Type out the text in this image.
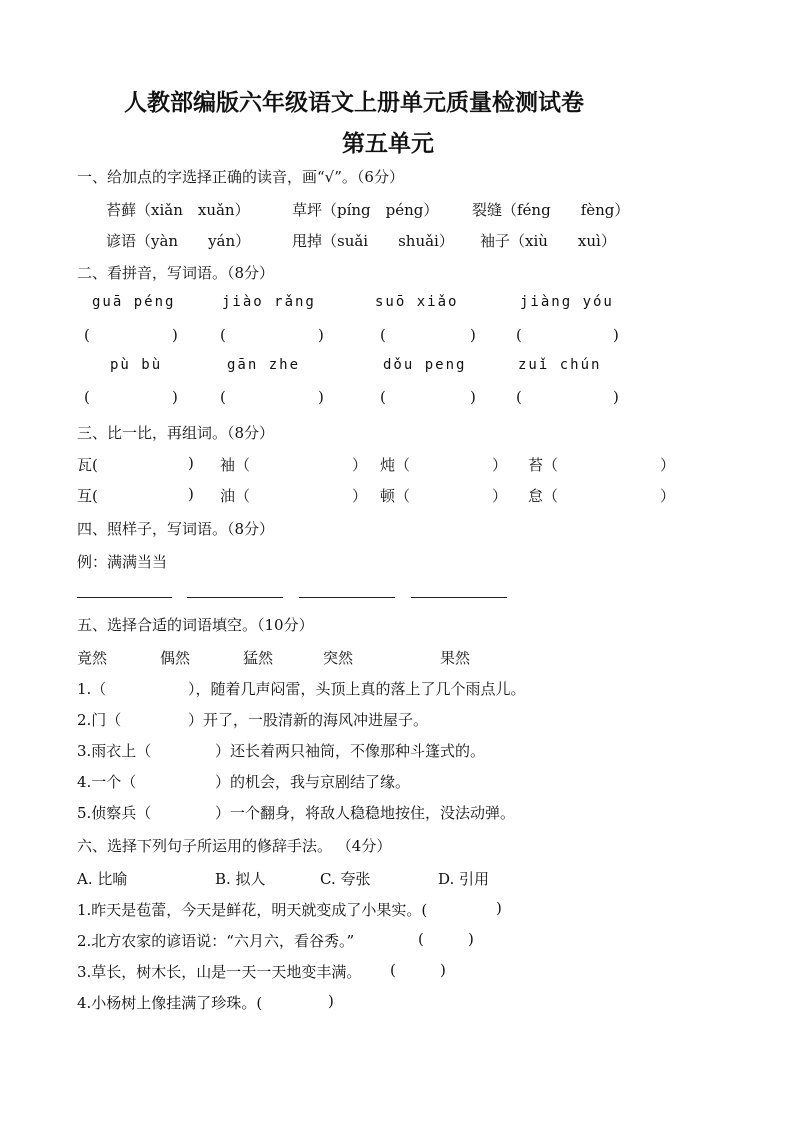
人教部编版六年级语文上册单元质量检测试卷
第五单元
一、给加点的字选择正确的读音，画“√”。（6分）
苔藓（xiǎn　xuǎn）	草坪（píng　péng） 裂缝（féng　　fèng）
谚语（yàn　　yán）	甩掉（suǎi　　shuǎi） 袖子（xiù　　xuì）
二、看拼音，写词语。（8分）
guā péng	jiào rǎng	suō xiǎo	jiàng yóu
(	)	(	)	(	)	(	)
pù bù	gān zhe	dǒu peng	zuǐ chún
(	)	(	)	(	)	(	)
三、比一比，再组词。（8分）
瓦(	) 袖（	） 炖（	） 苔（	）
互(	) 油（	） 顿（	） 怠（	）
四、照样子，写词语。（8分）
例：满满当当
五、选择合适的词语填空。（10分）
竟然	偶然	猛然	突然	果然
1.（	），随着几声闷雷，头顶上真的落上了几个雨点儿。
2.门（	）开了，一股清新的海风冲进屋子。
3.雨衣上（	）还长着两只袖筒，不像那种斗篷式的。
4.一个（	）的机会，我与京剧结了缘。
5.侦察兵（	）一个翻身，将敌人稳稳地按住，没法动弹。
六、选择下列句子所运用的修辞手法。 （4分）
A. 比喻	B. 拟人	C. 夸张	D. 引用
1.昨天是苞蕾，今天是鲜花，明天就变成了小果实。(	)
2.北方农家的谚语说：“六月六，看谷秀。”	(	)
3.草长，树木长，山是一天一天地变丰满。 (	)
4.小杨树上像挂满了珍珠。(	)
